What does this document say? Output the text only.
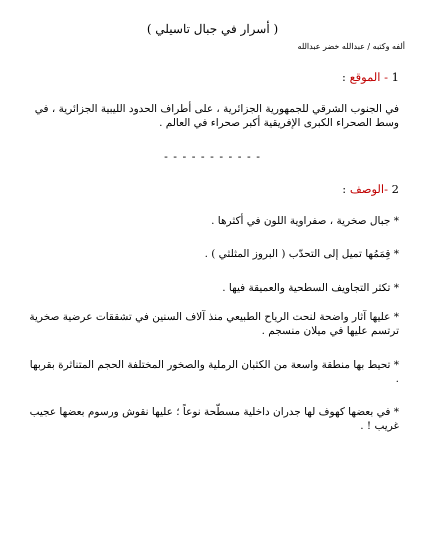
( أسرار في جبال تاسيلي )
ألفه وكتبه / عبدالله خضر عبدالله
1 - الموقع :
في الجنوب الشرقي للجمهورية الجزائرية ، على أطراف الحدود الليبية الجزائرية ، في وسط الصحراء الكبرى الإفريقية أكبر صحراء في العالم .
- - - - - - - - - - -
2 -الوصف :
* جبال صخرية ، صفراوية اللون في أكثرها .
* قِمَمُها تميل إلى التحدّب ( البروز المثلثي ) .
* تكثر التجاويف السطحية والعميقة فيها .
* عليها آثار واضحة لنحت الرياح الطبيعي منذ آلاف السنين في تشققات عرضية صخرية ترتسم عليها في ميلان منسجم .
* تحيط بها منطقة واسعة من الكثبان الرملية والصخور المختلفة الحجم المتناثرة بقربها .
* في بعضها كهوف لها جدران داخلية مسطّحة نوعاً ؛ عليها نقوش ورسوم بعضها عجيب غريب ! .
